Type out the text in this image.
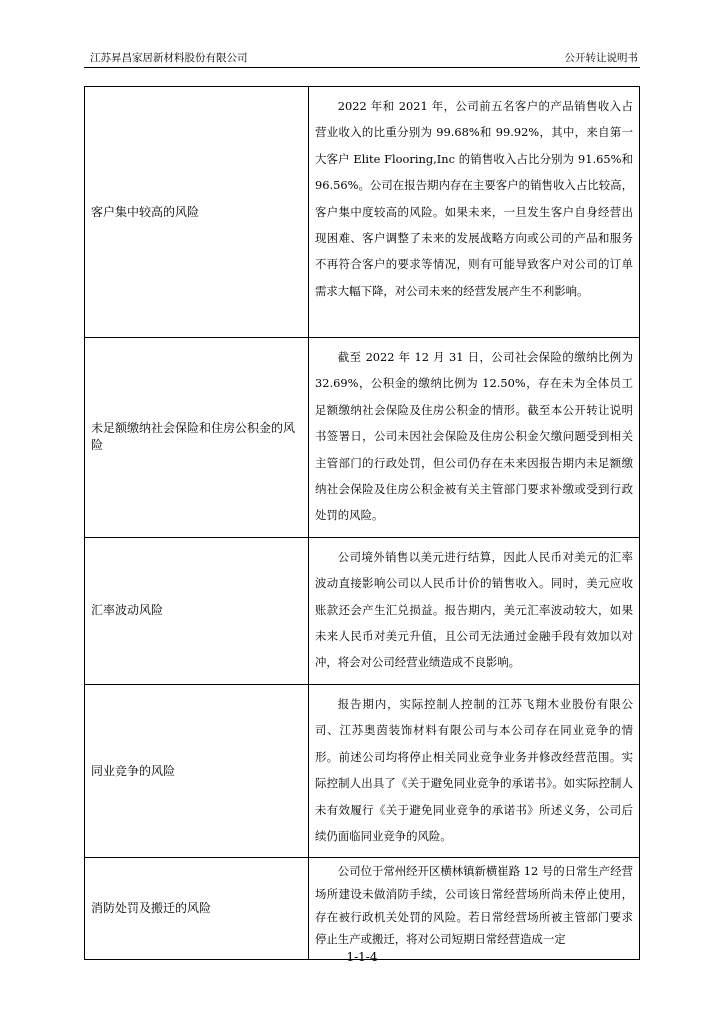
江苏昇昌家居新材料股份有限公司	公开转让说明书
客户集中较高的风险	2022 年和 2021 年，公司前五名客户的产品销售收入占营业收入的比重分别为 99.68%和 99.92%，其中，来自第一大客户 Elite Flooring,Inc 的销售收入占比分别为 91.65%和 96.56%。公司在报告期内存在主要客户的销售收入占比较高，客户集中度较高的风险。如果未来，一旦发生客户自身经营出现困难、客户调整了未来的发展战略方向或公司的产品和服务不再符合客户的要求等情况，则有可能导致客户对公司的订单需求大幅下降，对公司未来的经营发展产生不利影响。

未足额缴纳社会保险和住房公积金的风险	截至 2022 年 12 月 31 日，公司社会保险的缴纳比例为 32.69%，公积金的缴纳比例为 12.50%，存在未为全体员工足额缴纳社会保险及住房公积金的情形。截至本公开转让说明书签署日，公司未因社会保险及住房公积金欠缴问题受到相关主管部门的行政处罚，但公司仍存在未来因报告期内未足额缴纳社会保险及住房公积金被有关主管部门要求补缴或受到行政处罚的风险。

汇率波动风险	公司境外销售以美元进行结算，因此人民币对美元的汇率波动直接影响公司以人民币计价的销售收入。同时，美元应收账款还会产生汇兑损益。报告期内，美元汇率波动较大，如果未来人民币对美元升值，且公司无法通过金融手段有效加以对冲，将会对公司经营业绩造成不良影响。

同业竞争的风险	报告期内，实际控制人控制的江苏飞翔木业股份有限公司、江苏奥茵装饰材料有限公司与本公司存在同业竞争的情形。前述公司均将停止相关同业竞争业务并修改经营范围。实际控制人出具了《关于避免同业竞争的承诺书》。如实际控制人未有效履行《关于避免同业竞争的承诺书》所述义务，公司后续仍面临同业竞争的风险。

消防处罚及搬迁的风险	公司位于常州经开区横林镇新横崔路 12 号的日常生产经营场所建设未做消防手续，公司该日常经营场所尚未停止使用，存在被行政机关处罚的风险。若日常经营场所被主管部门要求停止生产或搬迁，将对公司短期日常经营造成一定

1-1-4
